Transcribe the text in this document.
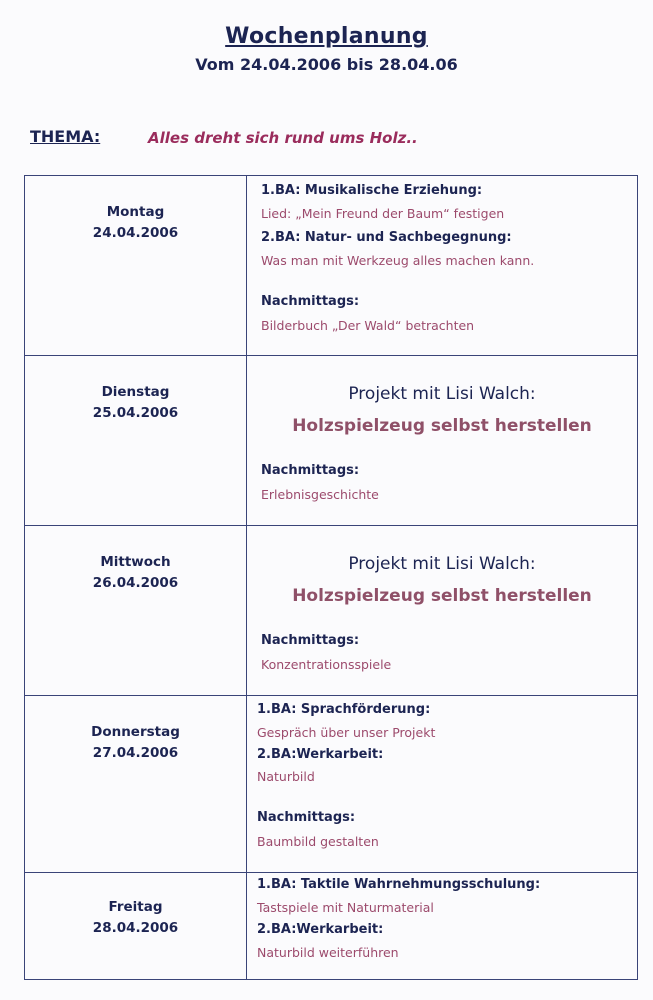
Wochenplanung
Vom 24.04.2006 bis 28.04.06
THEMA:	Alles dreht sich rund ums Holz..
Montag
24.04.2006
1.BA: Musikalische Erziehung:
Lied: „Mein Freund der Baum“ festigen
2.BA: Natur- und Sachbegegnung:
Was man mit Werkzeug alles machen kann.
Nachmittags:
Bilderbuch „Der Wald“ betrachten
Dienstag
25.04.2006
Projekt mit Lisi Walch:
Holzspielzeug selbst herstellen
Nachmittags:
Erlebnisgeschichte
Mittwoch
26.04.2006
Projekt mit Lisi Walch:
Holzspielzeug selbst herstellen
Nachmittags:
Konzentrationsspiele
Donnerstag
27.04.2006
1.BA: Sprachförderung:
Gespräch über unser Projekt
2.BA:Werkarbeit:
Naturbild
Nachmittags:
Baumbild gestalten
Freitag
28.04.2006
1.BA: Taktile Wahrnehmungsschulung:
Tastspiele mit Naturmaterial
2.BA:Werkarbeit:
Naturbild weiterführen
